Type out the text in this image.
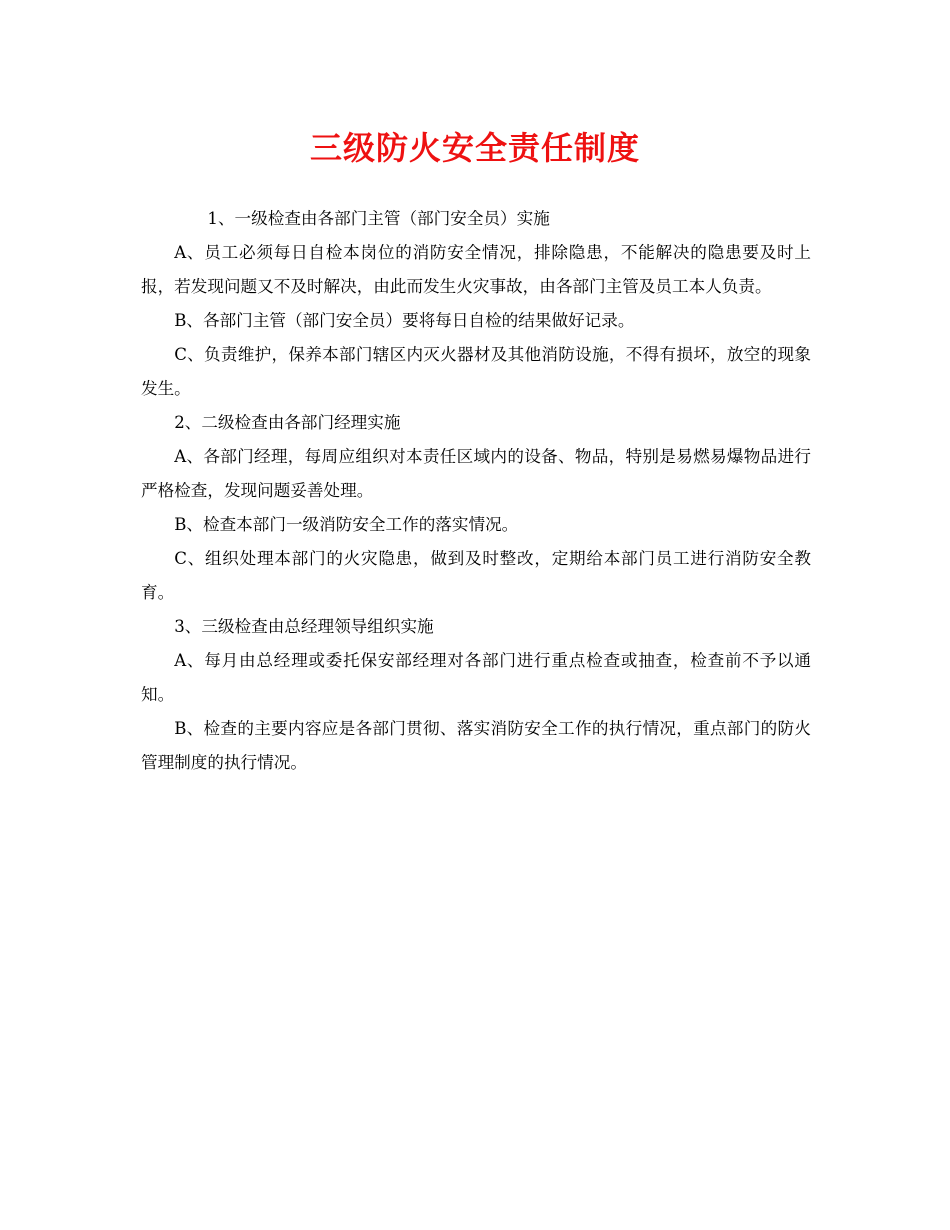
三级防火安全责任制度

1、一级检查由各部门主管（部门安全员）实施

A、员工必须每日自检本岗位的消防安全情况，排除隐患，不能解决的隐患要及时上报，若发现问题又不及时解决，由此而发生火灾事故，由各部门主管及员工本人负责。

B、各部门主管（部门安全员）要将每日自检的结果做好记录。

C、负责维护，保养本部门辖区内灭火器材及其他消防设施，不得有损坏，放空的现象发生。

2、二级检查由各部门经理实施

A、各部门经理，每周应组织对本责任区域内的设备、物品，特别是易燃易爆物品进行严格检查，发现问题妥善处理。

B、检查本部门一级消防安全工作的落实情况。

C、组织处理本部门的火灾隐患，做到及时整改，定期给本部门员工进行消防安全教育。

3、三级检查由总经理领导组织实施

A、每月由总经理或委托保安部经理对各部门进行重点检查或抽查，检查前不予以通知。

B、检查的主要内容应是各部门贯彻、落实消防安全工作的执行情况，重点部门的防火管理制度的执行情况。
